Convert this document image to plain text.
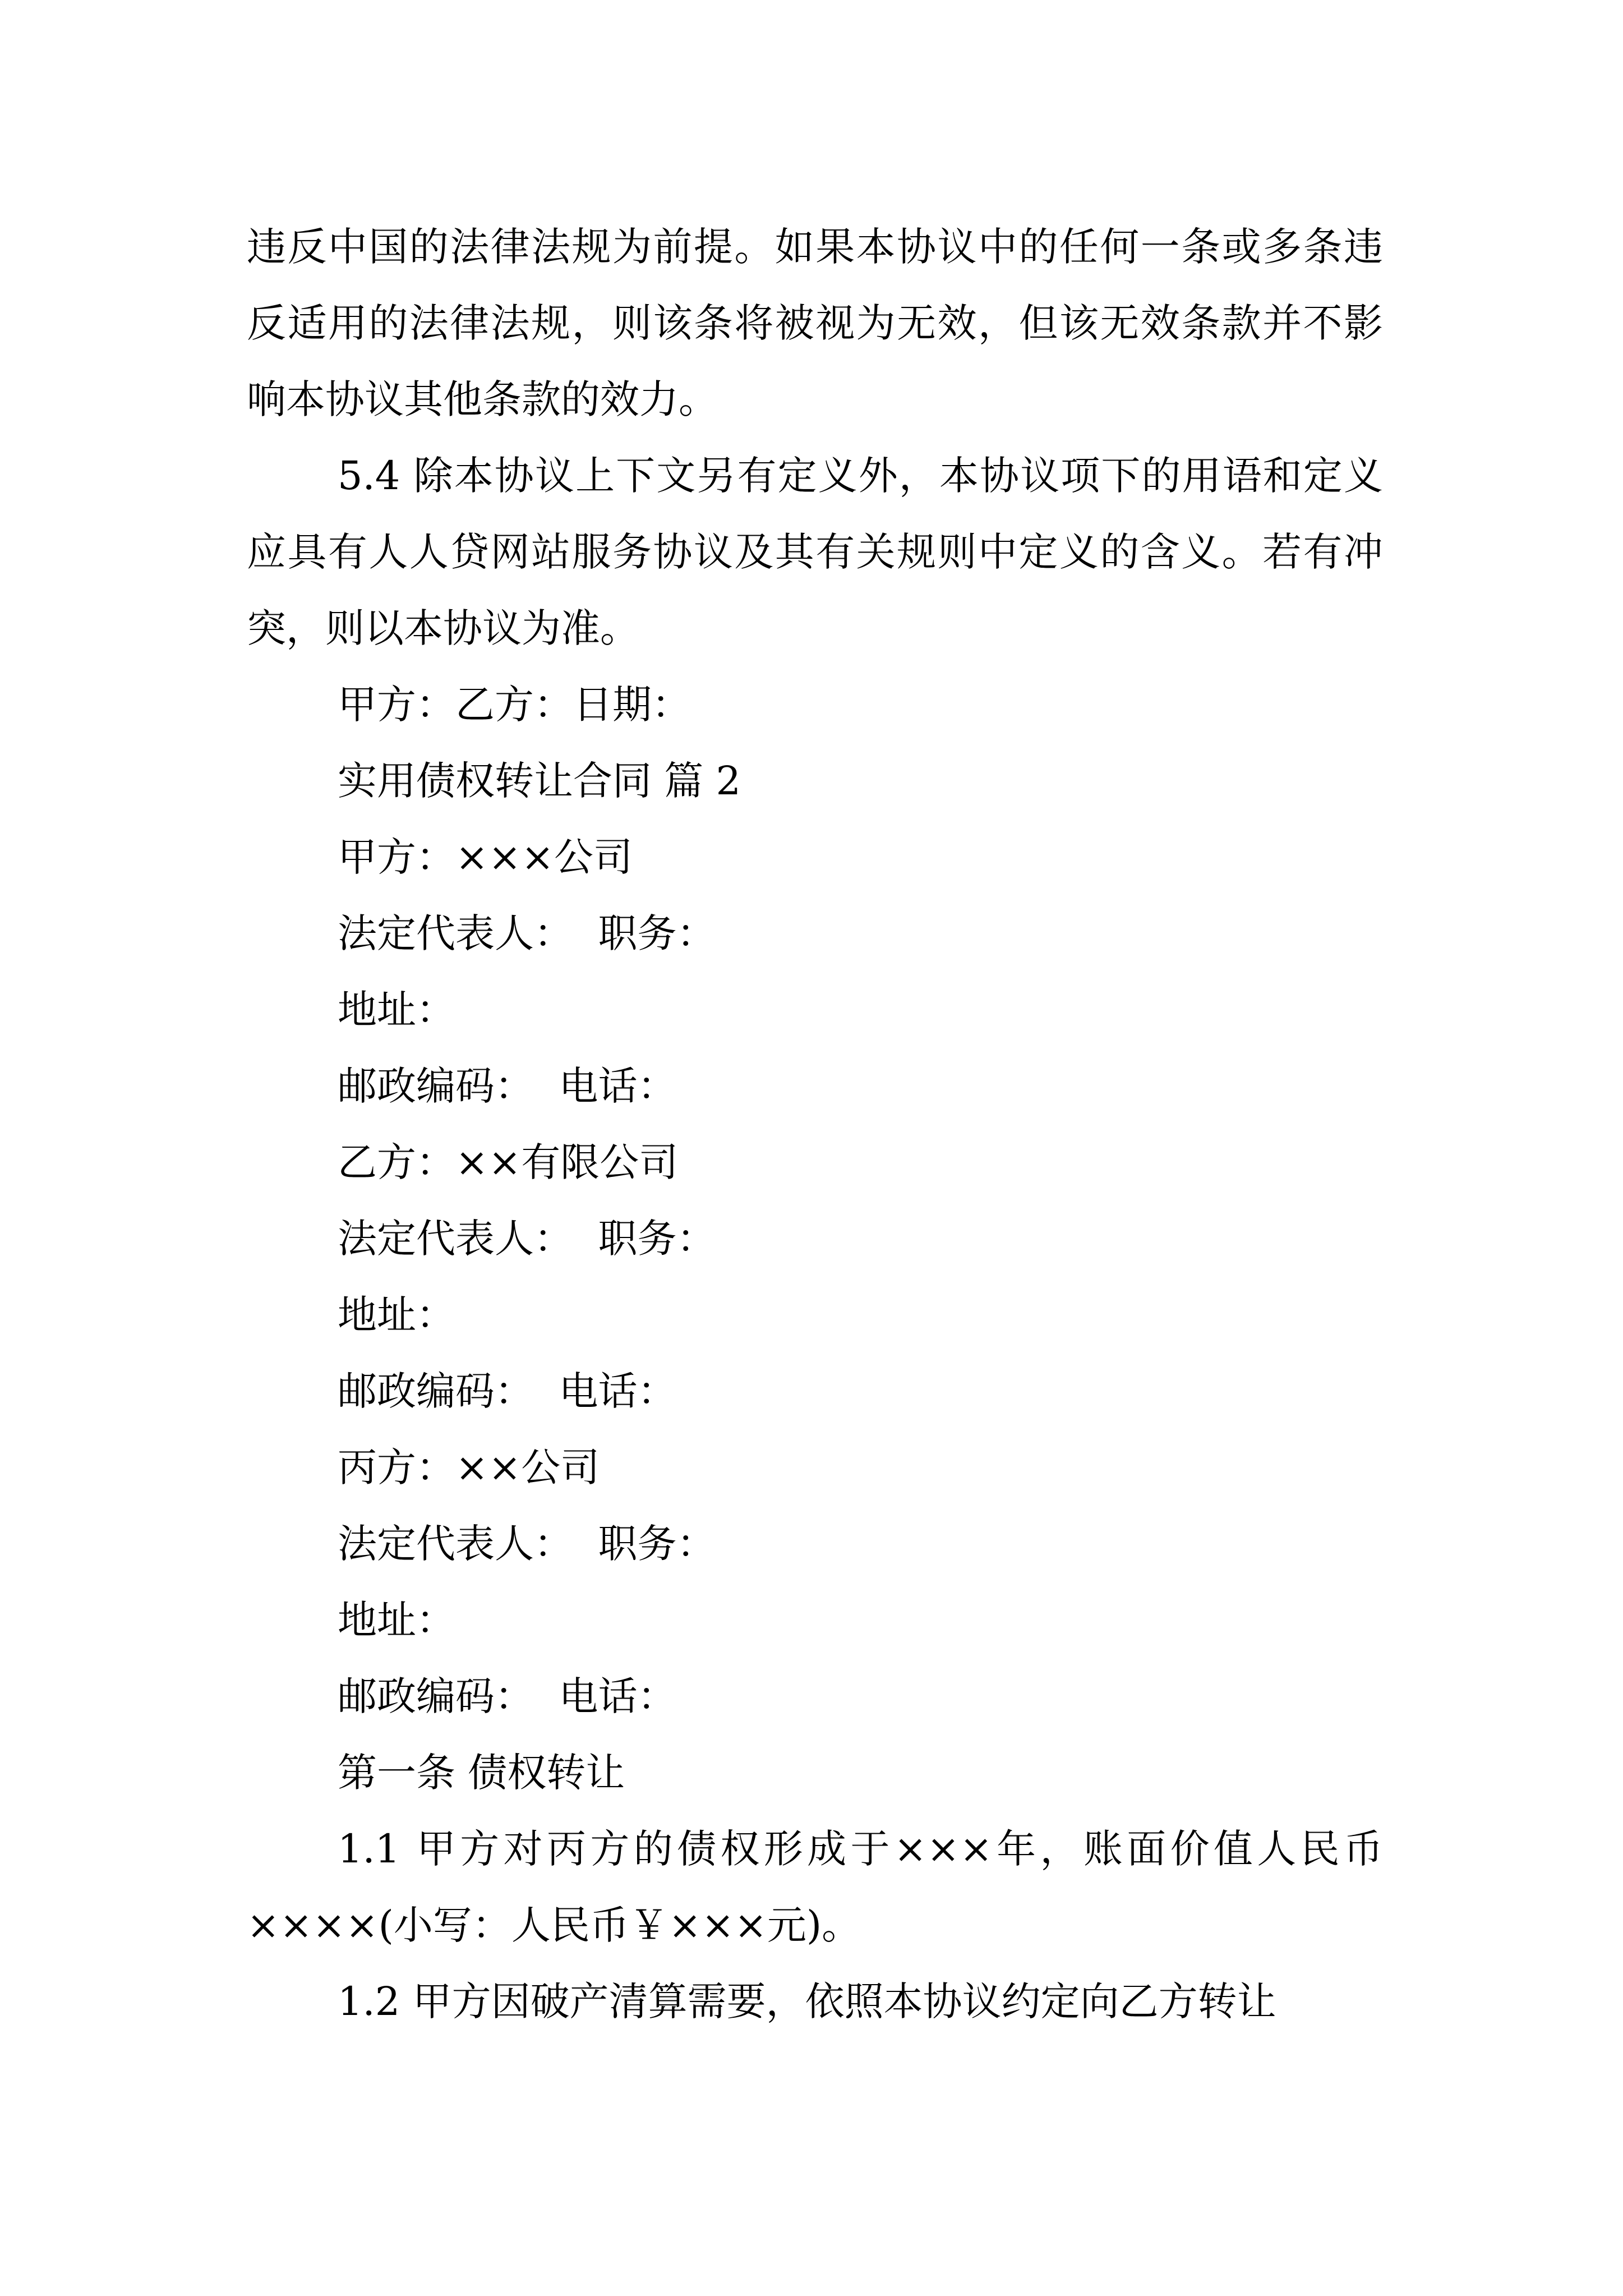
违反中国的法律法规为前提。如果本协议中的任何一条或多条违反适用的法律法规，则该条将被视为无效，但该无效条款并不影响本协议其他条款的效力。

5.4 除本协议上下文另有定义外，本协议项下的用语和定义应具有人人贷网站服务协议及其有关规则中定义的含义。若有冲突，则以本协议为准。

甲方：乙方：日期：

实用债权转让合同 篇 2

甲方：×××公司

法定代表人：  职务：

地址：

邮政编码：  电话：

乙方：××有限公司

法定代表人：  职务：

地址：

邮政编码：  电话：

丙方：××公司

法定代表人：  职务：

地址：

邮政编码：  电话：

第一条 债权转让

1.1 甲方对丙方的债权形成于×××年，账面价值人民币××××(小写：人民币￥×××元)。

1.2 甲方因破产清算需要，依照本协议约定向乙方转让
